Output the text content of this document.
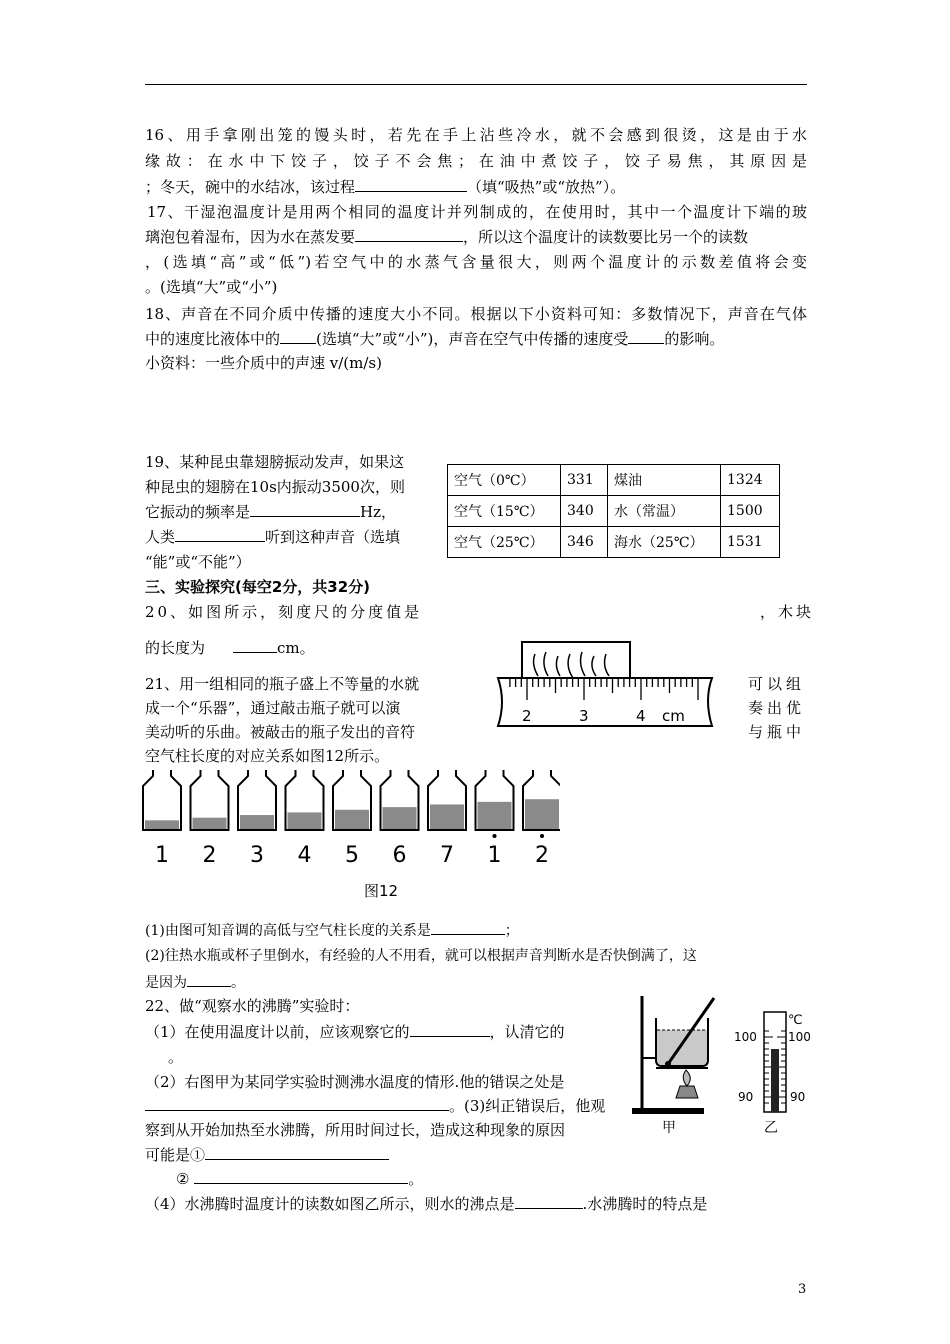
16、用手拿刚出笼的馒头时，若先在手上沾些冷水，就不会感到很烫，这是由于水
缘故：在水中下饺子，饺子不会焦；在油中煮饺子，饺子易焦，其原因是
；冬天，碗中的水结冰，该过程	（填“吸热”或“放热”）。
17、干湿泡温度计是用两个相同的温度计并列制成的，在使用时，其中一个温度计下端的玻
璃泡包着湿布，因为水在蒸发要	，所以这个温度计的读数要比另一个的读数
，(选填“高”或“低”)若空气中的水蒸气含量很大，则两个温度计的示数差值将会变
。(选填“大”或“小”)
18、声音在不同介质中传播的速度大小不同。根据以下小资料可知：多数情况下，声音在气体
中的速度比液体中的 (选填“大”或“小”)，声音在空气中传播的速度受 的影响。
小资料：一些介质中的声速 v/(m/s)
19、某种昆虫靠翅膀振动发声，如果这
种昆虫的翅膀在10s内振动3500次，则
它振动的频率是	Hz，
人类	听到这种声音（选填
“能”或“不能”）
空气（0℃）	331	煤油	1324
空气（15℃）	340	水（常温）	1500
空气（25℃）	346	海水（25℃）	1531
三、实验探究(每空2分，共32分)
20、如图所示，刻度尺的分度值是	，木块
的长度为	cm。
2	3	4 cm
21、用一组相同的瓶子盛上不等量的水就	可以组
成一个“乐器”，通过敲击瓶子就可以演	奏出优
美动听的乐曲。被敲击的瓶子发出的音符	与瓶中
空气柱长度的对应关系如图12所示。
1 2 3 4 5 6 7 1 2
图12
(1)由图可知音调的高低与空气柱长度的关系是	；
(2)往热水瓶或杯子里倒水，有经验的人不用看，就可以根据声音判断水是否快倒满了，这
是因为	。
22、做“观察水的沸腾”实验时：
（1）在使用温度计以前，应该观察它的	，认清它的
。
（2）右图甲为某同学实验时测沸水温度的情形.他的错误之处是
。(3)纠正错误后，他观
察到从开始加热至水沸腾，所用时间过长，造成这种现象的原因
可能是①
②	。
（4）水沸腾时温度计的读数如图乙所示，则水的沸点是	.水沸腾时的特点是
甲
℃
100	100
90	90
乙
3
